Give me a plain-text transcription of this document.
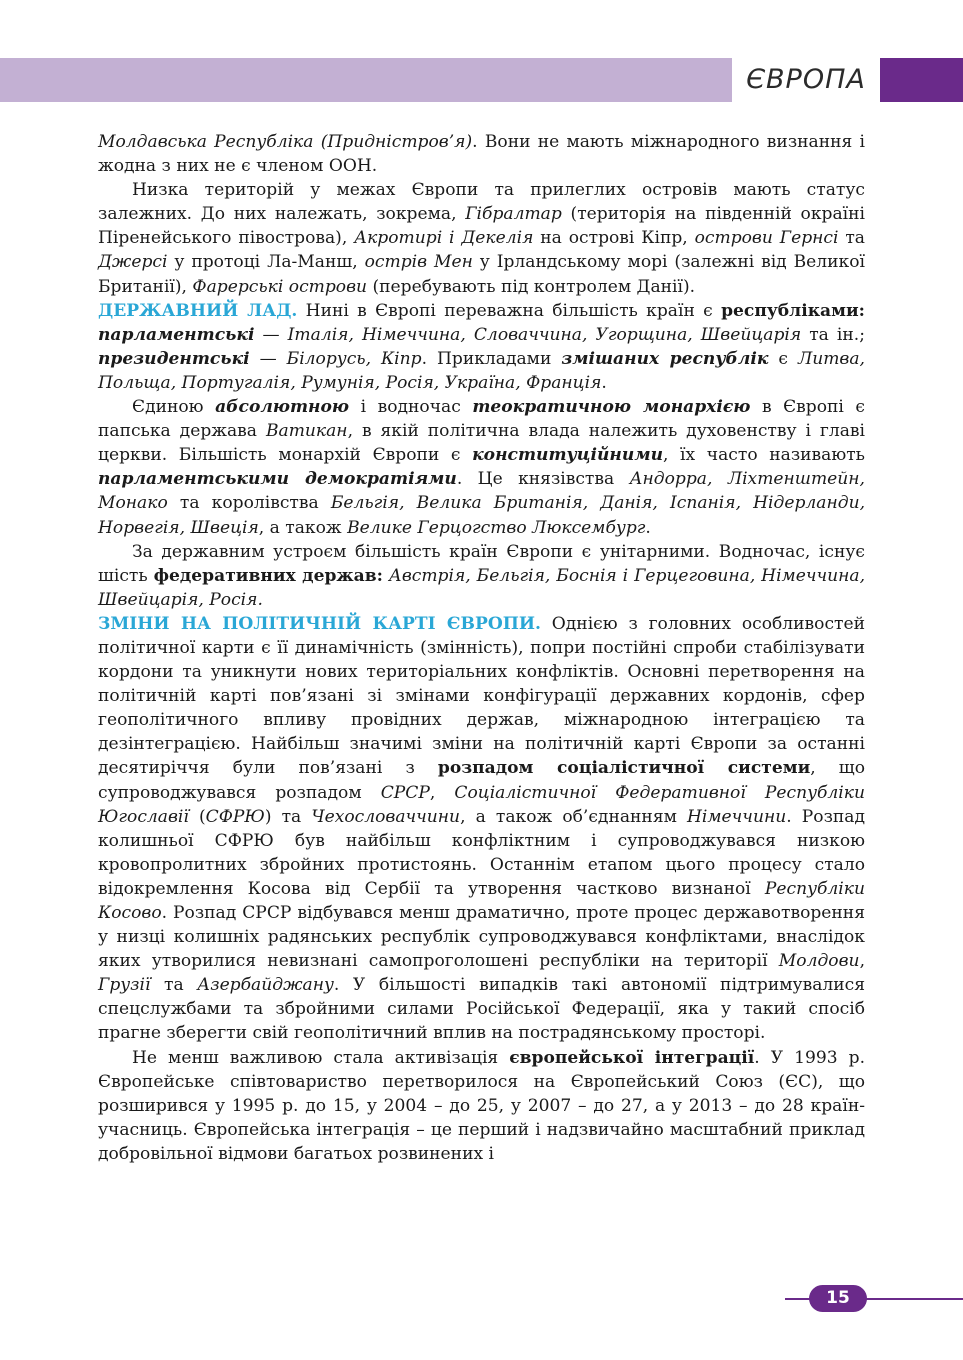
ЄВРОПА

Молдавська Республіка (Придністров’я). Вони не мають міжнародного визнання і жодна з них не є членом ООН.

Низка територій у межах Європи та прилеглих островів мають статус залежних. До них належать, зокрема, Гібралтар (територія на південній окраїні Піренейського півострова), Акротирі і Декелія на острові Кіпр, острови Гернсі та Джерсі у протоці Ла-Манш, острів Мен у Ірландському морі (залежні від Великої Британії), Фарерські острови (перебувають під контролем Данії).

ДЕРЖАВНИЙ ЛАД. Нині в Європі переважна більшість країн є республіками: парламентські — Італія, Німеччина, Словаччина, Угорщина, Швейцарія та ін.; президентські — Білорусь, Кіпр. Прикладами змішаних республік є Литва, Польща, Португалія, Румунія, Росія, Україна, Франція.

Єдиною абсолютною і водночас теократичною монархією в Європі є папська держава Ватикан, в якій політична влада належить духовенству і главі церкви. Більшість монархій Європи є конституційними, їх часто називають парламентськими демократіями. Це князівства Андорра, Ліхтенштейн, Монако та королівства Бельгія, Велика Британія, Данія, Іспанія, Нідерланди, Норвегія, Швеція, а також Велике Герцогство Люксембург.

За державним устроєм більшість країн Європи є унітарними. Водночас, існує шість федеративних держав: Австрія, Бельгія, Боснія і Герцеговина, Німеччина, Швейцарія, Росія.

ЗМІНИ НА ПОЛІТИЧНІЙ КАРТІ ЄВРОПИ. Однією з головних особливостей політичної карти є її динамічність (змінність), попри постійні спроби стабілізувати кордони та уникнути нових територіальних конфліктів. Основні перетворення на політичній карті пов’язані зі змінами конфігурації державних кордонів, сфер геополітичного впливу провідних держав, міжнародною інтеграцією та дезінтеграцією. Найбільш значимі зміни на політичній карті Європи за останні десятиріччя були пов’язані з розпадом соціалістичної системи, що супроводжувався розпадом СРСР, Соціалістичної Федеративної Республіки Югославії (СФРЮ) та Чехословаччини, а також об’єднанням Німеччини. Розпад колишньої СФРЮ був найбільш конфліктним і супроводжувався низкою кровопролитних збройних протистоянь. Останнім етапом цього процесу стало відокремлення Косова від Сербії та утворення частково визнаної Республіки Косово. Розпад СРСР відбувався менш драматично, проте процес державотворення у низці колишніх радянських республік супроводжувався конфліктами, внаслідок яких утворилися невизнані самопроголошені республіки на території Молдови, Грузії та Азербайджану. У більшості випадків такі автономії підтримувалися спецслужбами та збройними силами Російської Федерації, яка у такий спосіб прагне зберегти свій геополітичний вплив на пострадянському просторі.

Не менш важливою стала активізація європейської інтеграції. У 1993 р. Європейське співтовариство перетворилося на Європейський Союз (ЄС), що розширився у 1995 р. до 15, у 2004 – до 25, у 2007 – до 27, а у 2013 – до 28 країн-учасниць. Європейська інтеграція – це перший і надзвичайно масштабний приклад добровільної відмови багатьох розвинених і

15
